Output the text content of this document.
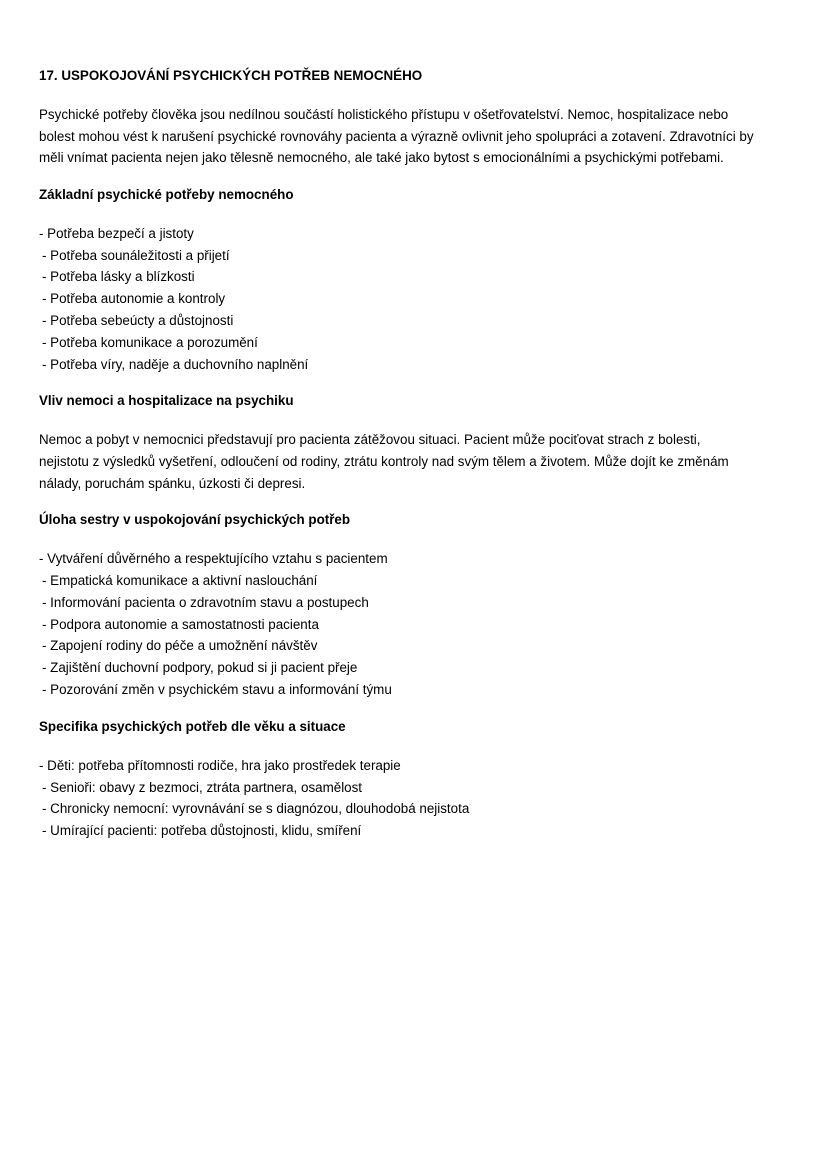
17. USPOKOJOVÁNÍ PSYCHICKÝCH POTŘEB NEMOCNÉHO
Psychické potřeby člověka jsou nedílnou součástí holistického přístupu v ošetřovatelství. Nemoc, hospitalizace nebo
bolest mohou vést k narušení psychické rovnováhy pacienta a výrazně ovlivnit jeho spolupráci a zotavení. Zdravotníci by
měli vnímat pacienta nejen jako tělesně nemocného, ale také jako bytost s emocionálními a psychickými potřebami.
Základní psychické potřeby nemocného
- Potřeba bezpečí a jistoty
- Potřeba sounáležitosti a přijetí
- Potřeba lásky a blízkosti
- Potřeba autonomie a kontroly
- Potřeba sebeúcty a důstojnosti
- Potřeba komunikace a porozumění
- Potřeba víry, naděje a duchovního naplnění
Vliv nemoci a hospitalizace na psychiku
Nemoc a pobyt v nemocnici představují pro pacienta zátěžovou situaci. Pacient může pociťovat strach z bolesti,
nejistotu z výsledků vyšetření, odloučení od rodiny, ztrátu kontroly nad svým tělem a životem. Může dojít ke změnám
nálady, poruchám spánku, úzkosti či depresi.
Úloha sestry v uspokojování psychických potřeb
- Vytváření důvěrného a respektujícího vztahu s pacientem
- Empatická komunikace a aktivní naslouchání
- Informování pacienta o zdravotním stavu a postupech
- Podpora autonomie a samostatnosti pacienta
- Zapojení rodiny do péče a umožnění návštěv
- Zajištění duchovní podpory, pokud si ji pacient přeje
- Pozorování změn v psychickém stavu a informování týmu
Specifika psychických potřeb dle věku a situace
- Děti: potřeba přítomnosti rodiče, hra jako prostředek terapie
- Senioři: obavy z bezmoci, ztráta partnera, osamělost
- Chronicky nemocní: vyrovnávání se s diagnózou, dlouhodobá nejistota
- Umírající pacienti: potřeba důstojnosti, klidu, smíření
